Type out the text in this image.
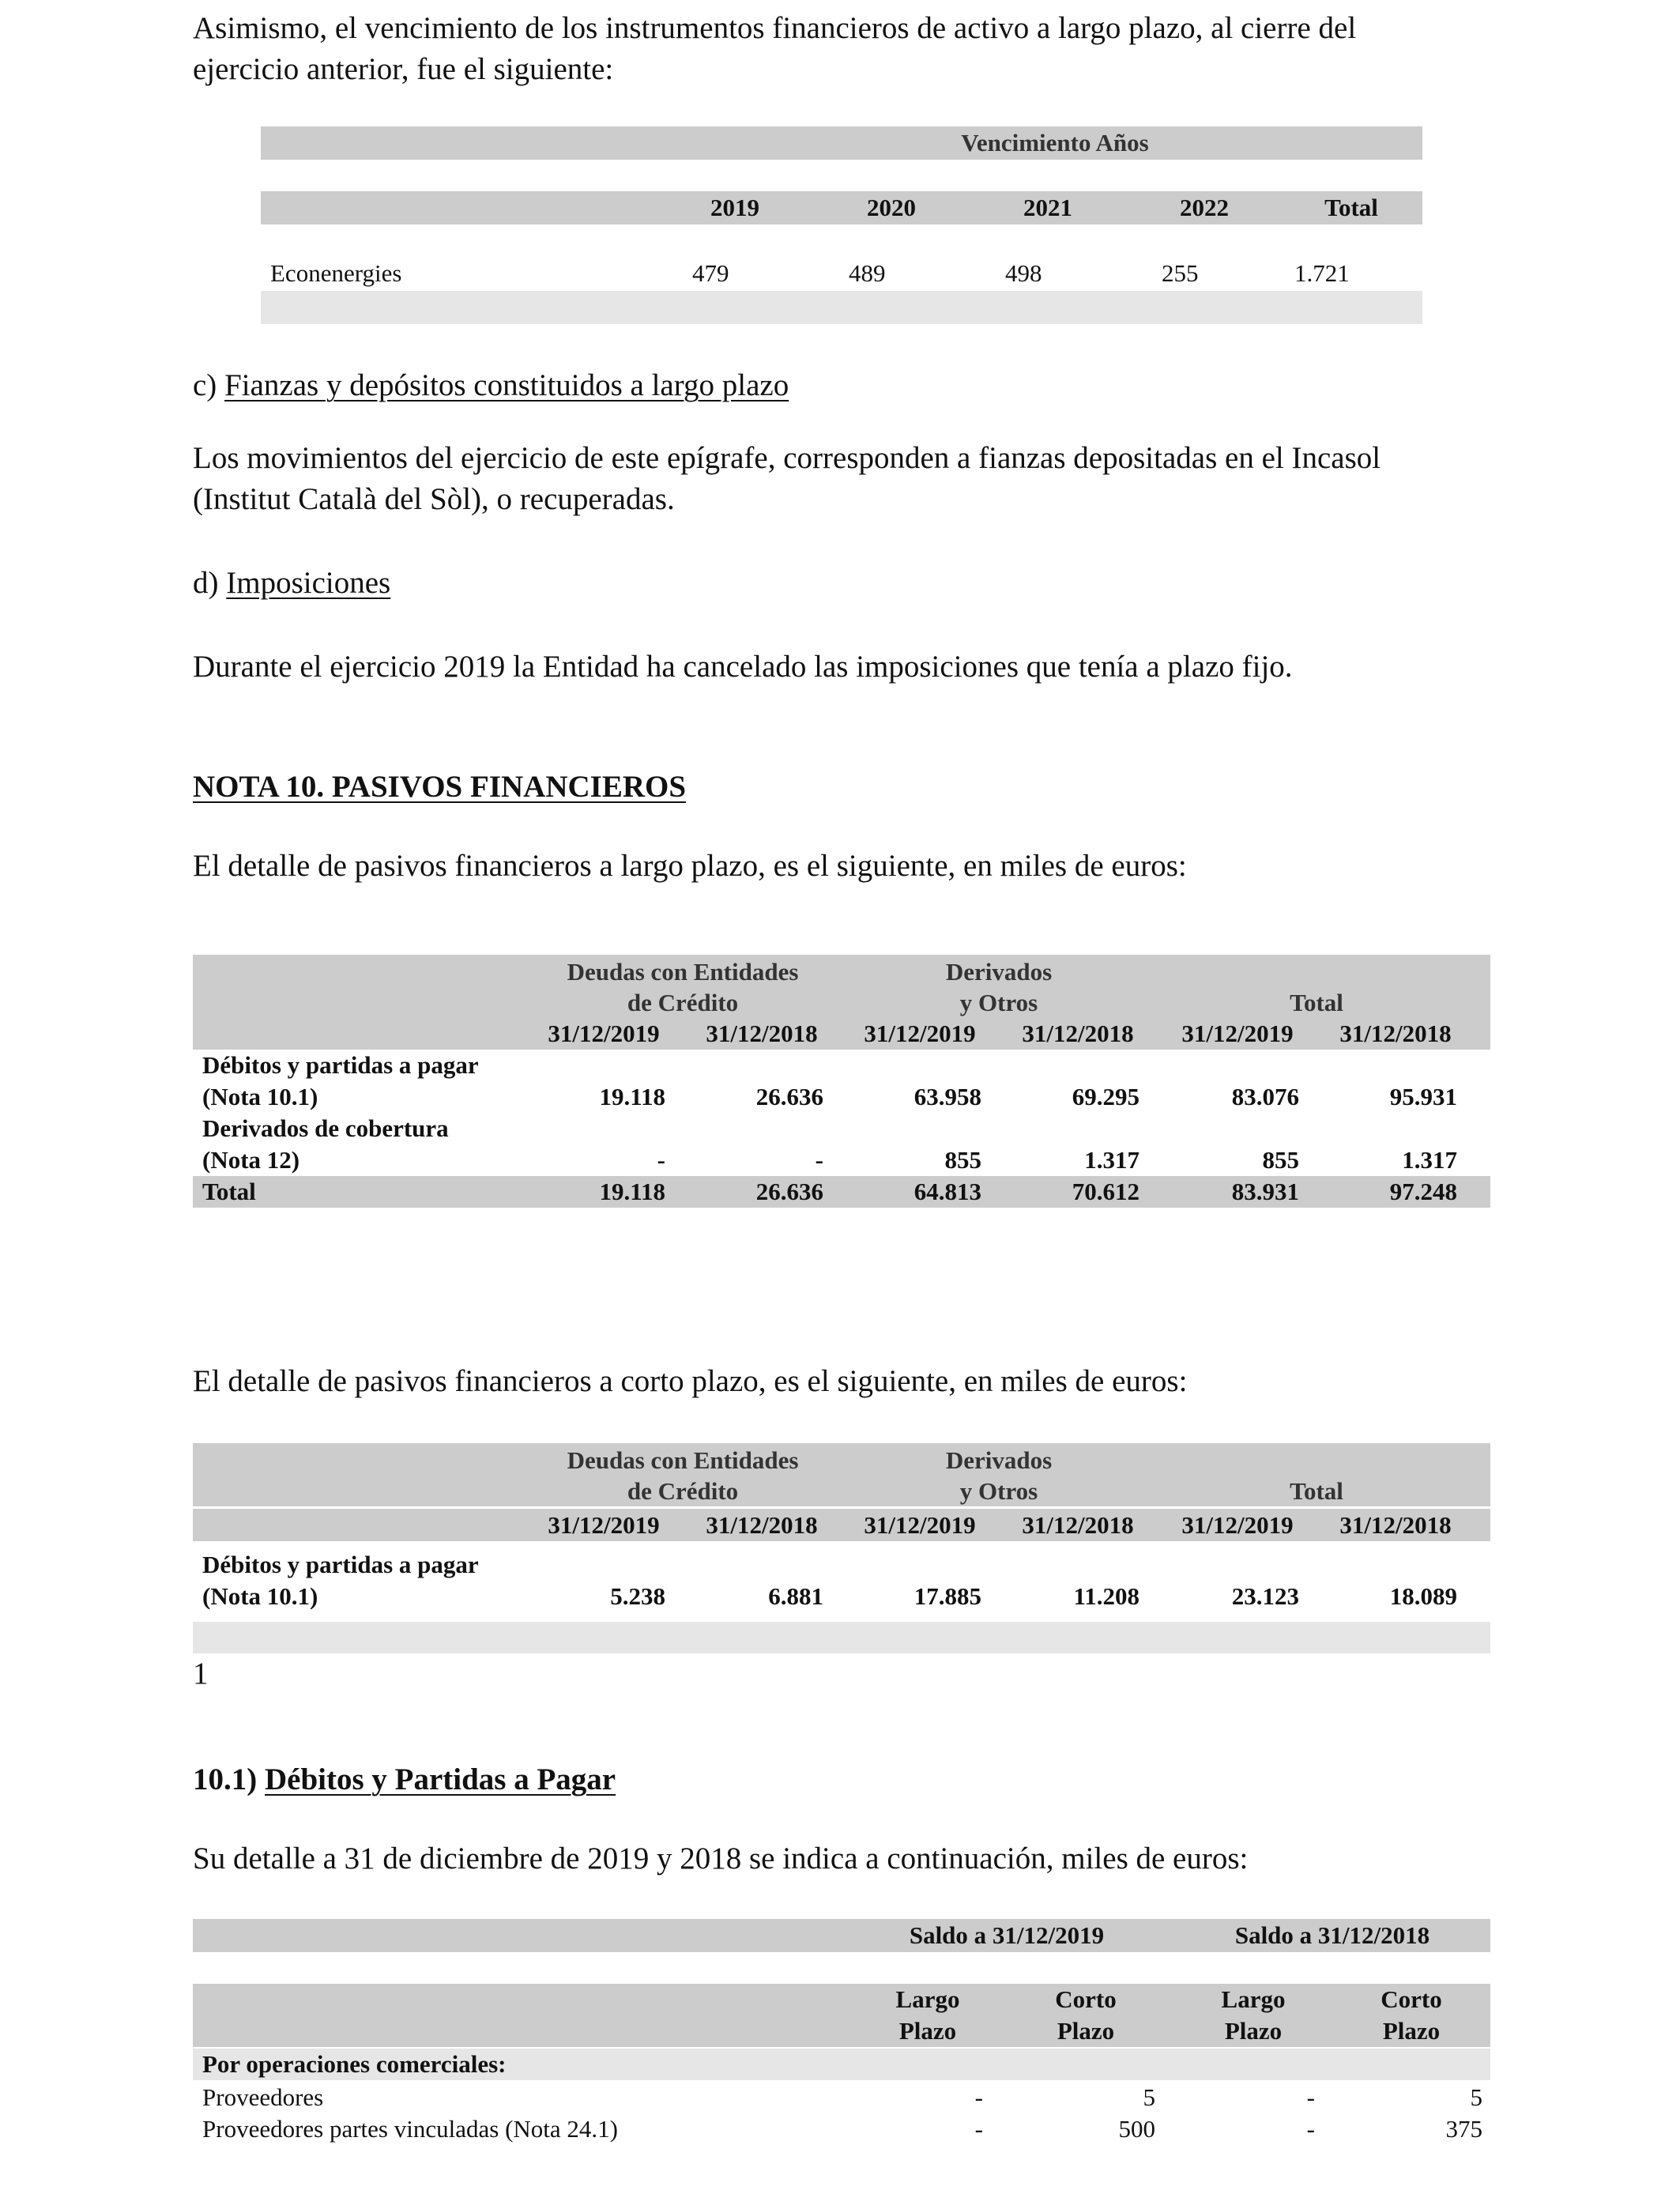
Asimismo, el vencimiento de los instrumentos financieros de activo a largo plazo, al cierre del
ejercicio anterior, fue el siguiente:

Vencimiento Años
2019	2020	2021	2022	Total
Econenergies	479	489	498	255	1.721

c) Fianzas y depósitos constituidos a largo plazo

Los movimientos del ejercicio de este epígrafe, corresponden a fianzas depositadas en el Incasol
(Institut Català del Sòl), o recuperadas.

d) Imposiciones

Durante el ejercicio 2019 la Entidad ha cancelado las imposiciones que tenía a plazo fijo.

NOTA 10. PASIVOS FINANCIEROS

El detalle de pasivos financieros a largo plazo, es el siguiente, en miles de euros:

Deudas con Entidades
de Crédito
Derivados
y Otros	Total
31/12/2019	31/12/2018	31/12/2019	31/12/2018	31/12/2019	31/12/2018
Débitos y partidas a pagar
(Nota 10.1)	19.118	26.636	63.958	69.295	83.076	95.931
Derivados de cobertura
(Nota 12)	-	-	855	1.317	855	1.317
Total	19.118	26.636	64.813	70.612	83.931	97.248

El detalle de pasivos financieros a corto plazo, es el siguiente, en miles de euros:

Deudas con Entidades
de Crédito
Derivados
y Otros	Total
31/12/2019	31/12/2018	31/12/2019	31/12/2018	31/12/2019	31/12/2018
Débitos y partidas a pagar
(Nota 10.1)	5.238	6.881	17.885	11.208	23.123	18.089
1

10.1) Débitos y Partidas a Pagar

Su detalle a 31 de diciembre de 2019 y 2018 se indica a continuación, miles de euros:

Saldo a 31/12/2019	Saldo a 31/12/2018
Largo	Corto	Largo	Corto
Plazo	Plazo	Plazo	Plazo
Por operaciones comerciales:
Proveedores	-	5	-	5
Proveedores partes vinculadas (Nota 24.1)	-	500	-	375
